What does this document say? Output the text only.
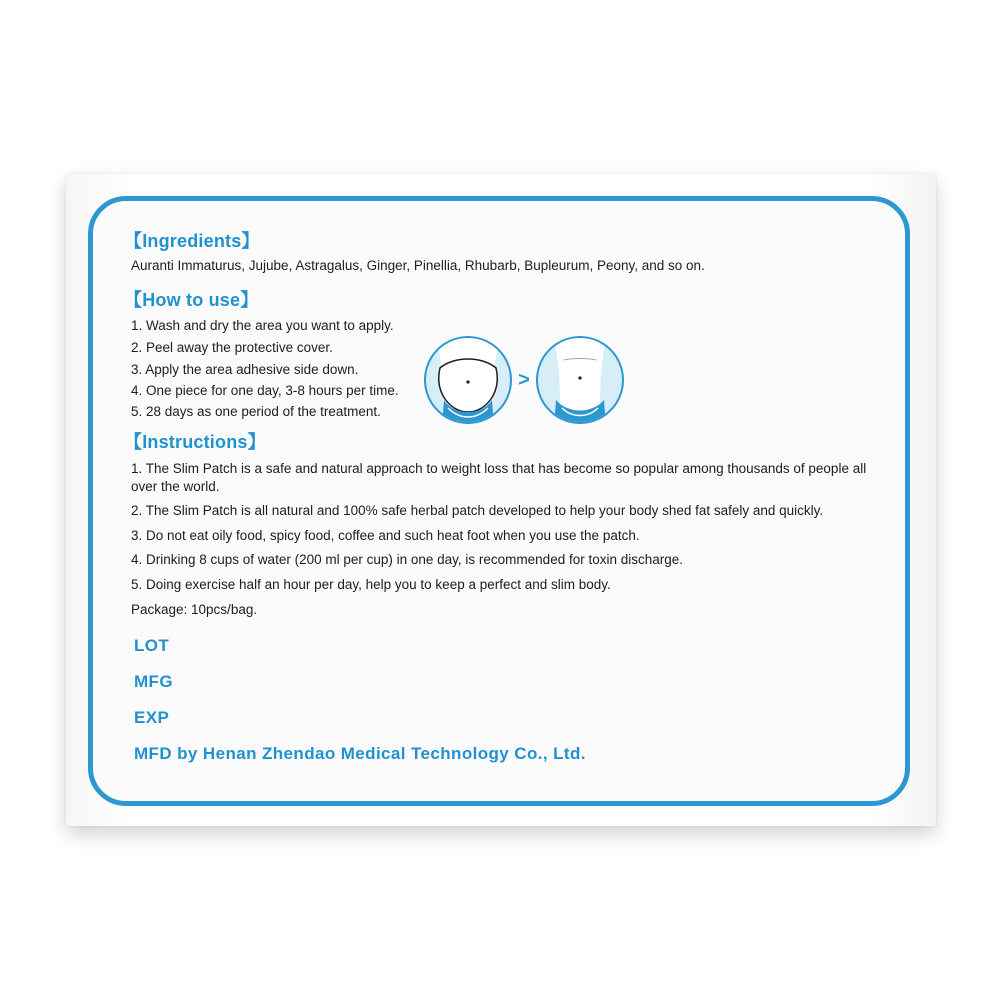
【Ingredients】
Auranti Immaturus, Jujube, Astragalus, Ginger, Pinellia, Rhubarb, Bupleurum, Peony, and so on.
【How to use】
1. Wash and dry the area you want to apply.
2. Peel away the protective cover.
3. Apply the area adhesive side down.
4. One piece for one day, 3-8 hours per time.
5. 28 days as one period of the treatment.
>
【Instructions】
1. The Slim Patch is a safe and natural approach to weight loss that has become so popular among thousands of people all over the world.
2. The Slim Patch is all natural and 100% safe herbal patch developed to help your body shed fat safely and quickly.
3. Do not eat oily food, spicy food, coffee and such heat foot when you use the patch.
4. Drinking 8 cups of water (200 ml per cup) in one day, is recommended for toxin discharge.
5. Doing exercise half an hour per day, help you to keep a perfect and slim body.
Package: 10pcs/bag.
LOT
MFG
EXP
MFD by Henan Zhendao Medical Technology Co., Ltd.
